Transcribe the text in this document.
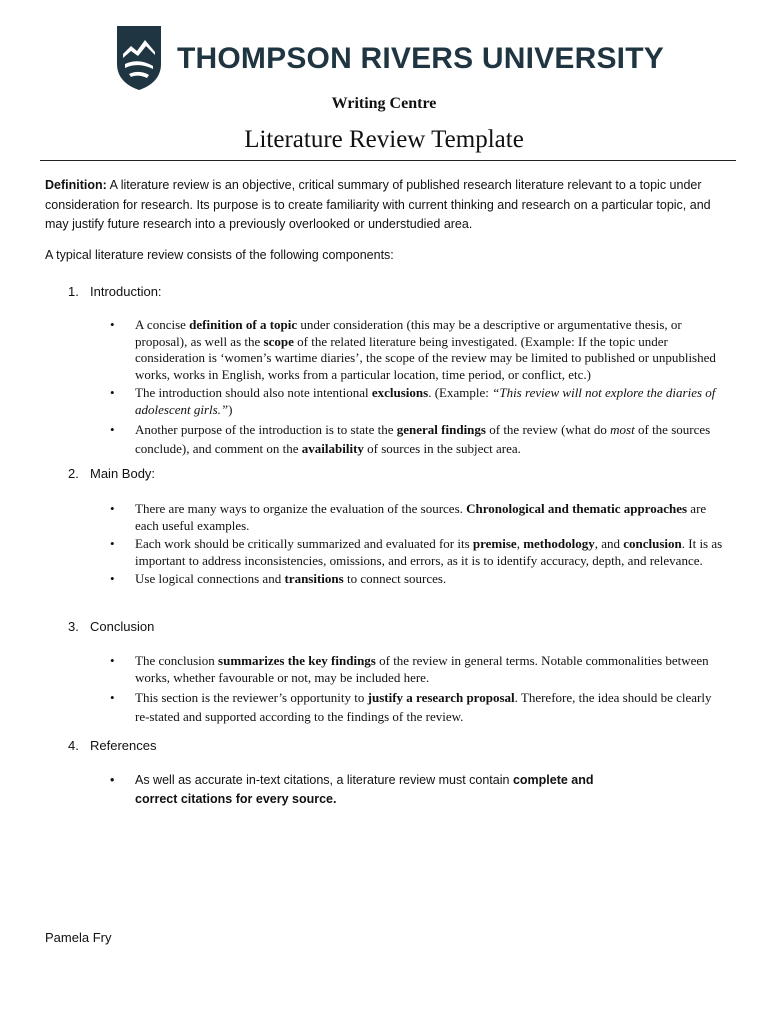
THOMPSON RIVERS UNIVERSITY
Writing Centre
Literature Review Template
Definition: A literature review is an objective, critical summary of published research literature relevant to a topic under consideration for research. Its purpose is to create familiarity with current thinking and research on a particular topic, and may justify future research into a previously overlooked or understudied area.
A typical literature review consists of the following components:
1. Introduction:
• A concise definition of a topic under consideration (this may be a descriptive or argumentative thesis, or proposal), as well as the scope of the related literature being investigated. (Example: If the topic under consideration is ‘women’s wartime diaries’, the scope of the review may be limited to published or unpublished works, works in English, works from a particular location, time period, or conflict, etc.)
• The introduction should also note intentional exclusions. (Example: “This review will not explore the diaries of adolescent girls.”)
• Another purpose of the introduction is to state the general findings of the review (what do most of the sources conclude), and comment on the availability of sources in the subject area.
2. Main Body:
• There are many ways to organize the evaluation of the sources. Chronological and thematic approaches are each useful examples.
• Each work should be critically summarized and evaluated for its premise, methodology, and conclusion. It is as important to address inconsistencies, omissions, and errors, as it is to identify accuracy, depth, and relevance.
• Use logical connections and transitions to connect sources.
3. Conclusion
• The conclusion summarizes the key findings of the review in general terms. Notable commonalities between works, whether favourable or not, may be included here.
• This section is the reviewer’s opportunity to justify a research proposal. Therefore, the idea should be clearly re-stated and supported according to the findings of the review.
4. References
• As well as accurate in-text citations, a literature review must contain complete and correct citations for every source.
Pamela Fry
